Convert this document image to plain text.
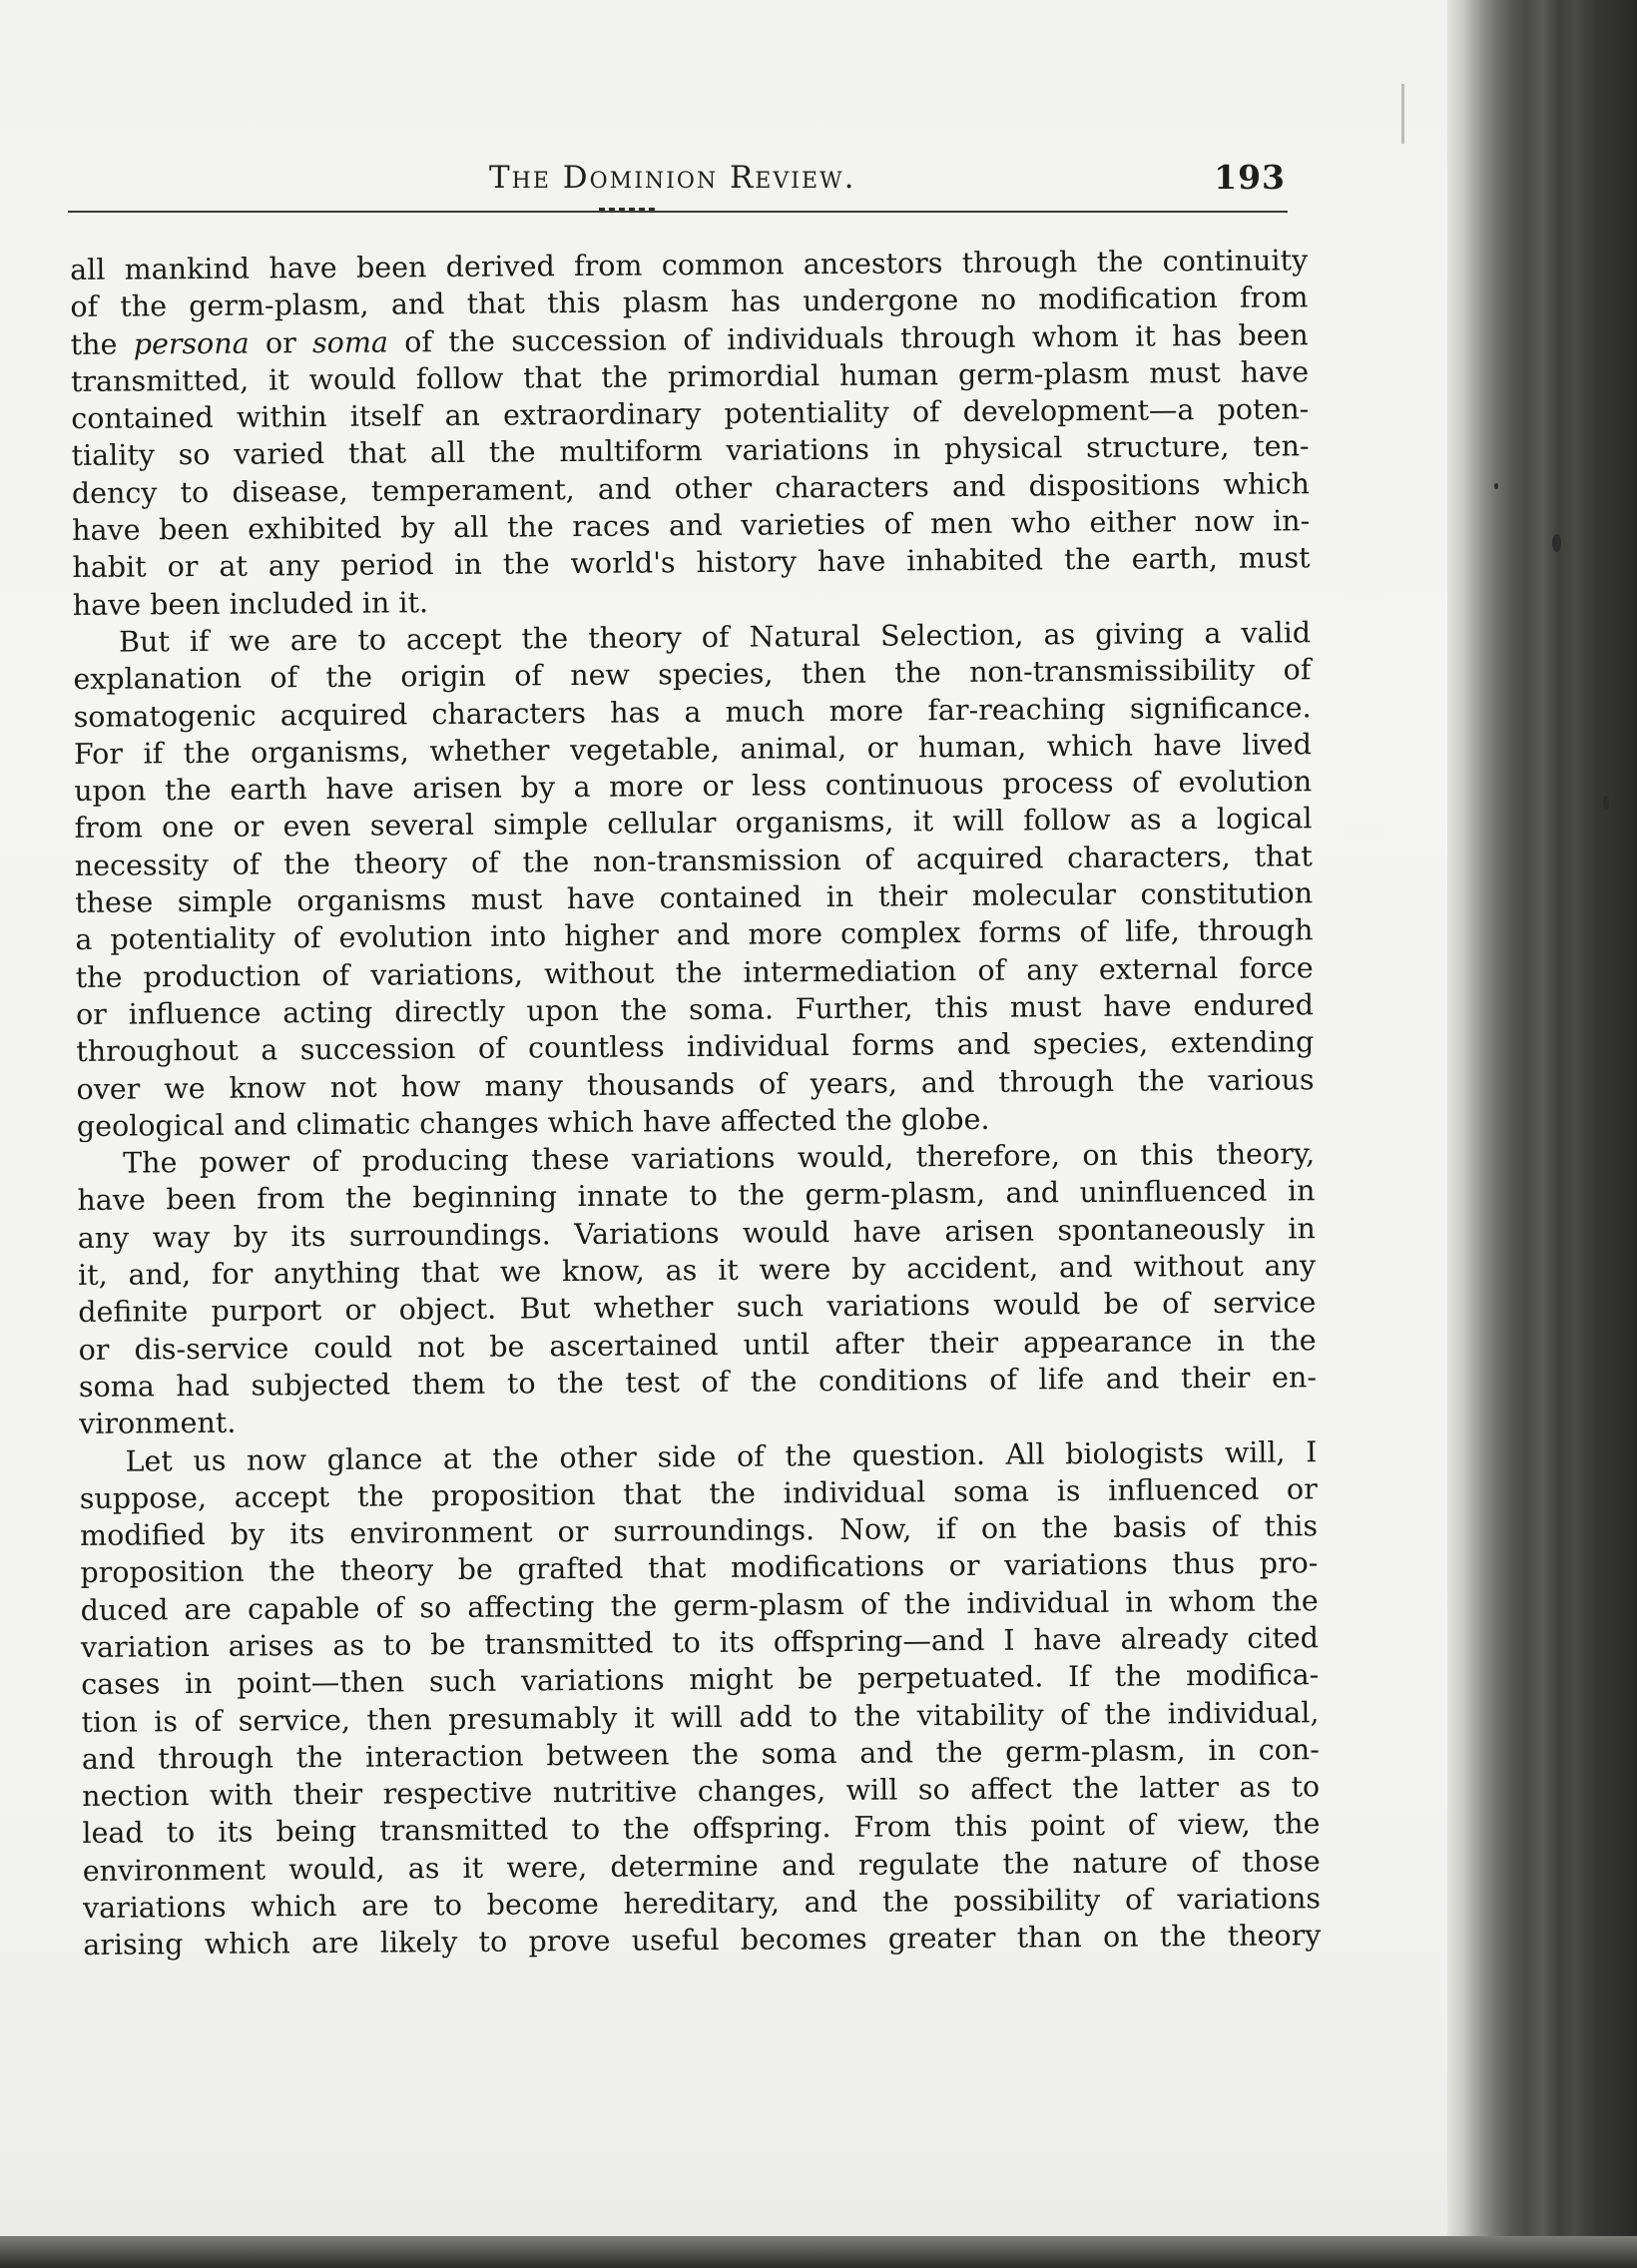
The Dominion Review.	193
all mankind have been derived from common ancestors through the continuity
of the germ-plasm, and that this plasm has undergone no modification from
the persona or soma of the succession of individuals through whom it has been
transmitted, it would follow that the primordial human germ-plasm must have
contained within itself an extraordinary potentiality of development—a poten-
tiality so varied that all the multiform variations in physical structure, ten-
dency to disease, temperament, and other characters and dispositions which
have been exhibited by all the races and varieties of men who either now in-
habit or at any period in the world's history have inhabited the earth, must
have been included in it.
But if we are to accept the theory of Natural Selection, as giving a valid
explanation of the origin of new species, then the non-transmissibility of
somatogenic acquired characters has a much more far-reaching significance.
For if the organisms, whether vegetable, animal, or human, which have lived
upon the earth have arisen by a more or less continuous process of evolution
from one or even several simple cellular organisms, it will follow as a logical
necessity of the theory of the non-transmission of acquired characters, that
these simple organisms must have contained in their molecular constitution
a potentiality of evolution into higher and more complex forms of life, through
the production of variations, without the intermediation of any external force
or influence acting directly upon the soma. Further, this must have endured
throughout a succession of countless individual forms and species, extending
over we know not how many thousands of years, and through the various
geological and climatic changes which have affected the globe.
The power of producing these variations would, therefore, on this theory,
have been from the beginning innate to the germ-plasm, and uninfluenced in
any way by its surroundings. Variations would have arisen spontaneously in
it, and, for anything that we know, as it were by accident, and without any
definite purport or object. But whether such variations would be of service
or dis-service could not be ascertained until after their appearance in the
soma had subjected them to the test of the conditions of life and their en-
vironment.
Let us now glance at the other side of the question. All biologists will, I
suppose, accept the proposition that the individual soma is influenced or
modified by its environment or surroundings. Now, if on the basis of this
proposition the theory be grafted that modifications or variations thus pro-
duced are capable of so affecting the germ-plasm of the individual in whom the
variation arises as to be transmitted to its offspring—and I have already cited
cases in point—then such variations might be perpetuated. If the modifica-
tion is of service, then presumably it will add to the vitability of the individual,
and through the interaction between the soma and the germ-plasm, in con-
nection with their respective nutritive changes, will so affect the latter as to
lead to its being transmitted to the offspring. From this point of view, the
environment would, as it were, determine and regulate the nature of those
variations which are to become hereditary, and the possibility of variations
arising which are likely to prove useful becomes greater than on the theory
